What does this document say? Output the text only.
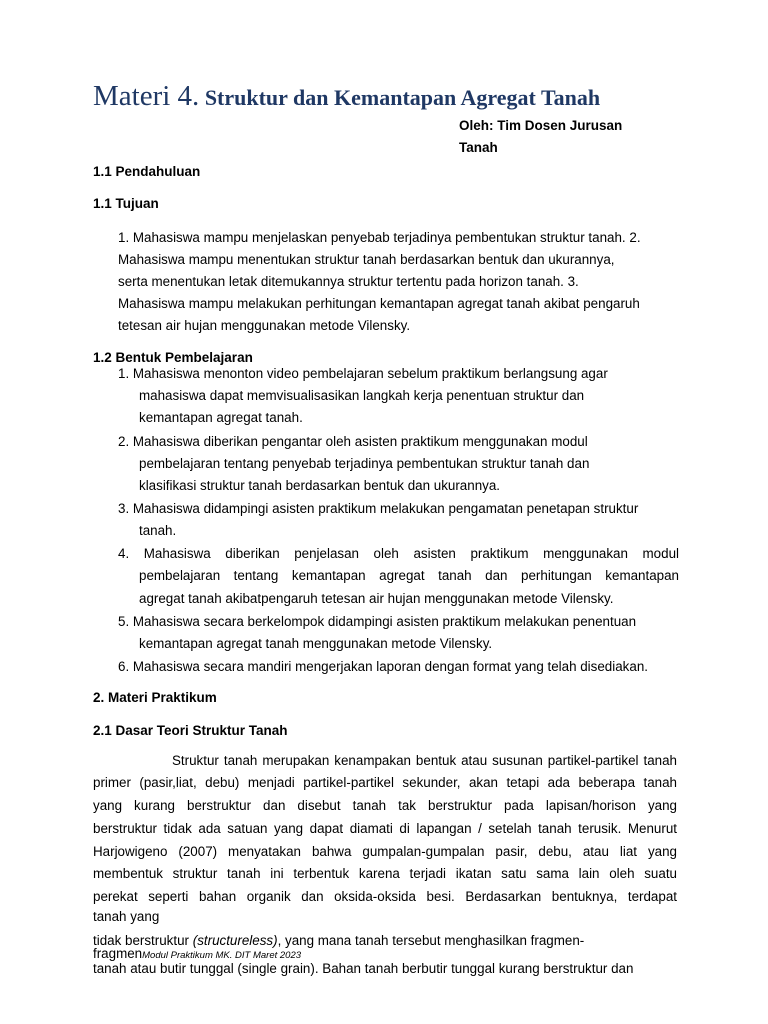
Materi 4. Struktur dan Kemantapan Agregat Tanah
Oleh: Tim Dosen Jurusan
Tanah
1.1 Pendahuluan
1.1 Tujuan
1. Mahasiswa mampu menjelaskan penyebab terjadinya pembentukan struktur tanah. 2.
Mahasiswa mampu menentukan struktur tanah berdasarkan bentuk dan ukurannya,
serta menentukan letak ditemukannya struktur tertentu pada horizon tanah. 3.
Mahasiswa mampu melakukan perhitungan kemantapan agregat tanah akibat pengaruh
tetesan air hujan menggunakan metode Vilensky.
1.2 Bentuk Pembelajaran
1. Mahasiswa menonton video pembelajaran sebelum praktikum berlangsung agar
mahasiswa dapat memvisualisasikan langkah kerja penentuan struktur dan
kemantapan agregat tanah.
2. Mahasiswa diberikan pengantar oleh asisten praktikum menggunakan modul
pembelajaran tentang penyebab terjadinya pembentukan struktur tanah dan
klasifikasi struktur tanah berdasarkan bentuk dan ukurannya.
3. Mahasiswa didampingi asisten praktikum melakukan pengamatan penetapan struktur
tanah.
4. Mahasiswa diberikan penjelasan oleh asisten praktikum menggunakan modul
pembelajaran tentang kemantapan agregat tanah dan perhitungan kemantapan
agregat tanah akibatpengaruh tetesan air hujan menggunakan metode Vilensky.
5. Mahasiswa secara berkelompok didampingi asisten praktikum melakukan penentuan
kemantapan agregat tanah menggunakan metode Vilensky.
6. Mahasiswa secara mandiri mengerjakan laporan dengan format yang telah disediakan.
2. Materi Praktikum
2.1 Dasar Teori Struktur Tanah
Struktur tanah merupakan kenampakan bentuk atau susunan partikel-partikel tanah
primer (pasir,liat, debu) menjadi partikel-partikel sekunder, akan tetapi ada beberapa tanah
yang kurang berstruktur dan disebut tanah tak berstruktur pada lapisan/horison yang
berstruktur tidak ada satuan yang dapat diamati di lapangan / setelah tanah terusik. Menurut
Harjowigeno (2007) menyatakan bahwa gumpalan-gumpalan pasir, debu, atau liat yang
membentuk struktur tanah ini terbentuk karena terjadi ikatan satu sama lain oleh suatu
perekat seperti bahan organik dan oksida-oksida besi. Berdasarkan bentuknya, terdapat
tanah yang
tidak berstruktur (structureless), yang mana tanah tersebut menghasilkan fragmen-
fragmenModul Praktikum MK. DIT Maret 2023
tanah atau butir tunggal (single grain). Bahan tanah berbutir tunggal kurang berstruktur dan
